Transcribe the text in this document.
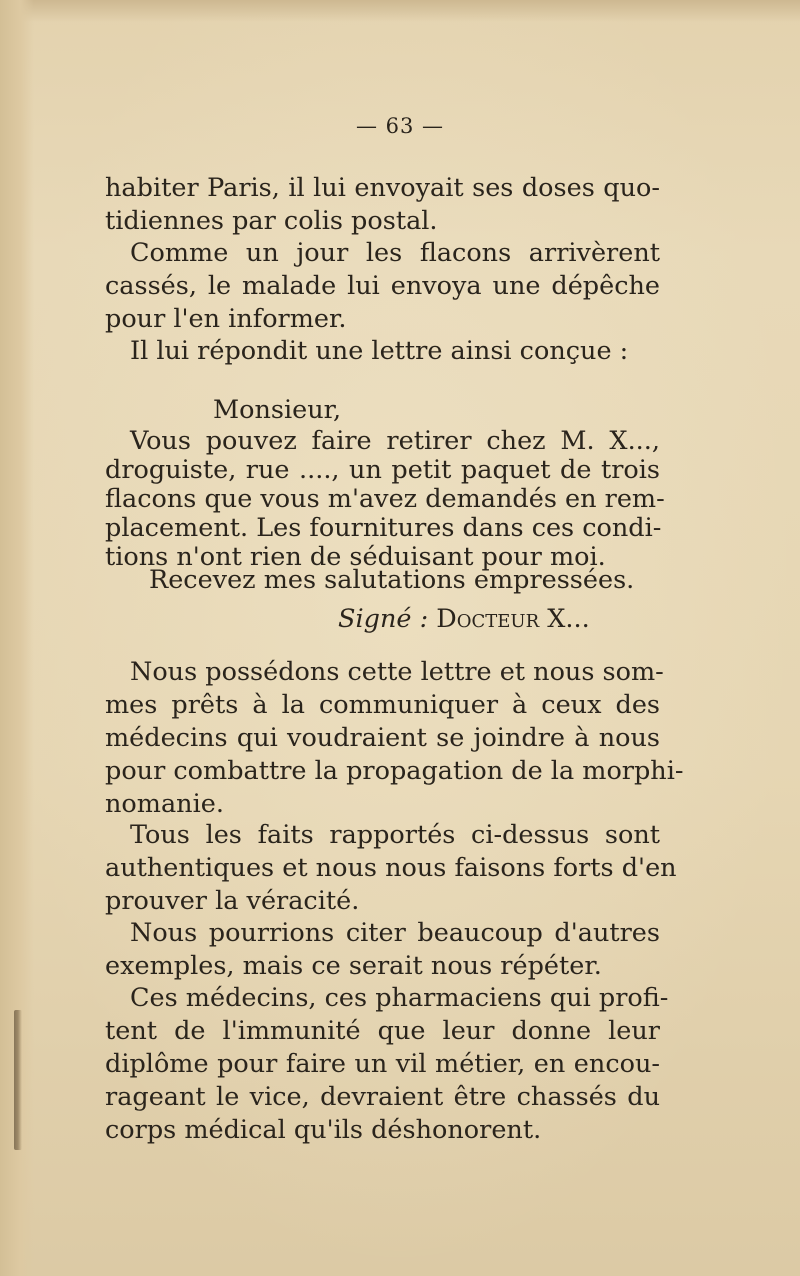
— 63 —
habiter Paris, il lui envoyait ses doses quo-
tidiennes par colis postal.
Comme un jour les flacons arrivèrent
cassés, le malade lui envoya une dépêche
pour l'en informer.
Il lui répondit une lettre ainsi conçue :
Monsieur,
Vous pouvez faire retirer chez M. X...,
droguiste, rue ...., un petit paquet de trois
flacons que vous m'avez demandés en rem-
placement. Les fournitures dans ces condi-
tions n'ont rien de séduisant pour moi.
Recevez mes salutations empressées.
Signé : Docteur X...
Nous possédons cette lettre et nous som-
mes prêts à la communiquer à ceux des
médecins qui voudraient se joindre à nous
pour combattre la propagation de la morphi-
nomanie.
Tous les faits rapportés ci-dessus sont
authentiques et nous nous faisons forts d'en
prouver la véracité.
Nous pourrions citer beaucoup d'autres
exemples, mais ce serait nous répéter.
Ces médecins, ces pharmaciens qui profi-
tent de l'immunité que leur donne leur
diplôme pour faire un vil métier, en encou-
rageant le vice, devraient être chassés du
corps médical qu'ils déshonorent.
